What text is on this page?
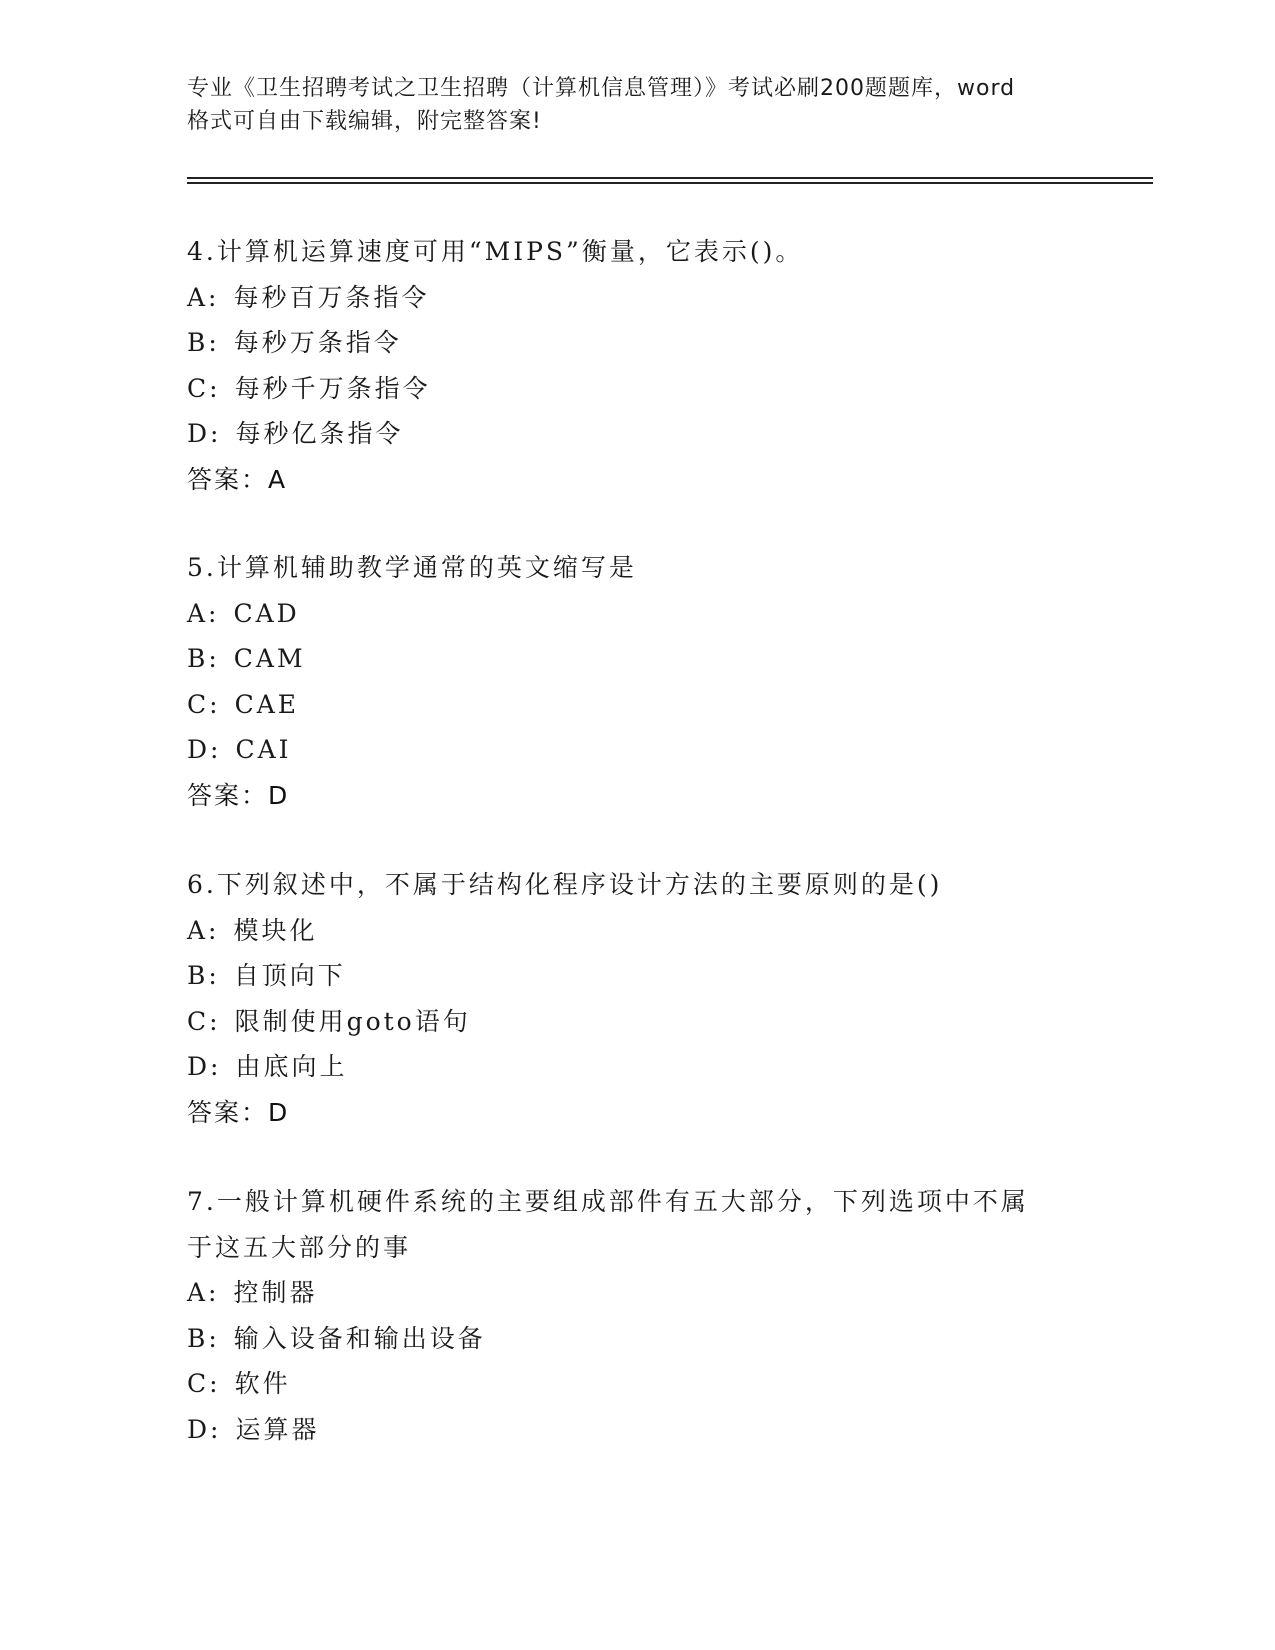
专业《卫生招聘考试之卫生招聘（计算机信息管理）》考试必刷200题题库，word
格式可自由下载编辑，附完整答案!
4.计算机运算速度可用“MIPS”衡量，它表示()。
A: 每秒百万条指令
B: 每秒万条指令
C: 每秒千万条指令
D: 每秒亿条指令
答案：A
5.计算机辅助教学通常的英文缩写是
A: CAD
B: CAM
C: CAE
D: CAI
答案：D
6.下列叙述中，不属于结构化程序设计方法的主要原则的是()
A: 模块化
B: 自顶向下
C: 限制使用goto语句
D: 由底向上
答案：D
7.一般计算机硬件系统的主要组成部件有五大部分，下列选项中不属
于这五大部分的事
A: 控制器
B: 输入设备和输出设备
C: 软件
D: 运算器
